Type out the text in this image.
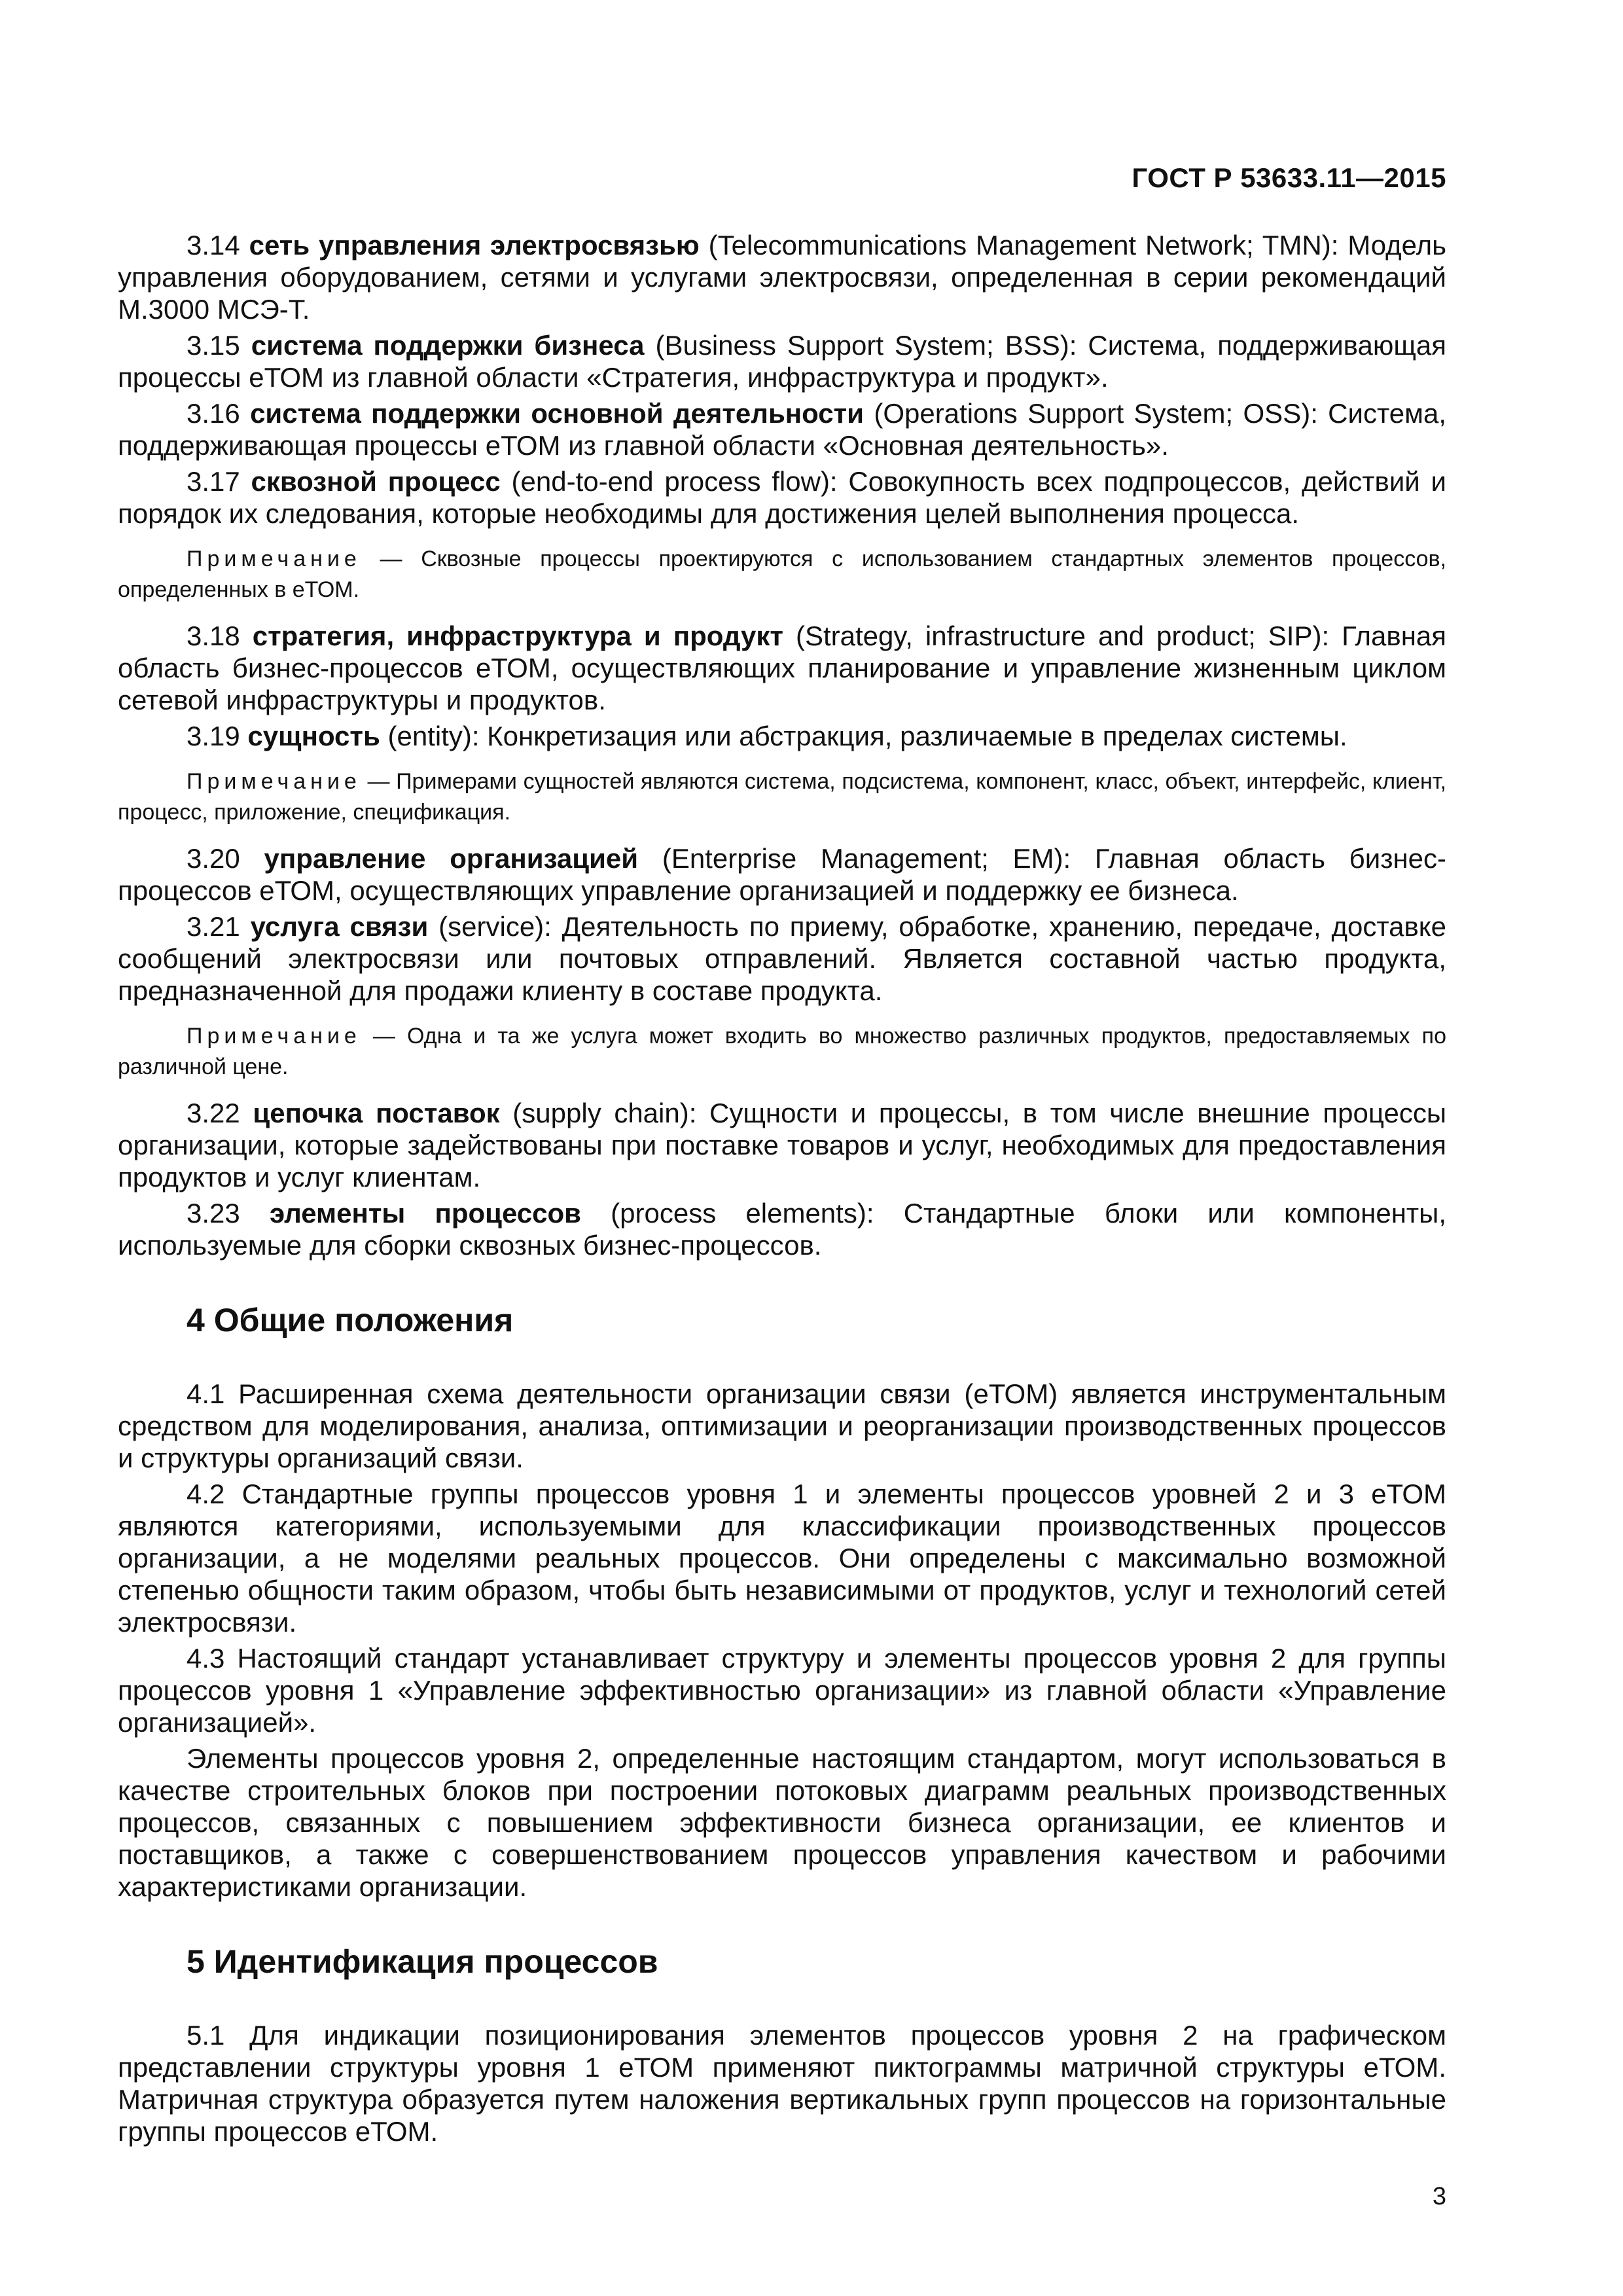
ГОСТ Р 53633.11—2015

3.14 сеть управления электросвязью (Telecommunications Management Network; TMN): Модель управления оборудованием, сетями и услугами электросвязи, определенная в серии рекомендаций М.3000 МСЭ-Т.

3.15 система поддержки бизнеса (Business Support System; BSS): Система, поддерживающая процессы еТОМ из главной области «Стратегия, инфраструктура и продукт».

3.16 система поддержки основной деятельности (Operations Support System; OSS): Система, поддерживающая процессы еТОМ из главной области «Основная деятельность».

3.17 сквозной процесс (end-to-end process flow): Совокупность всех подпроцессов, действий и порядок их следования, которые необходимы для достижения целей выполнения процесса.

Примечание — Сквозные процессы проектируются с использованием стандартных элементов процессов, определенных в еТОМ.

3.18 стратегия, инфраструктура и продукт (Strategy, infrastructure and product; SIP): Главная область бизнес-процессов еТОМ, осуществляющих планирование и управление жизненным циклом сетевой инфраструктуры и продуктов.

3.19 сущность (entity): Конкретизация или абстракция, различаемые в пределах системы.

Примечание — Примерами сущностей являются система, подсистема, компонент, класс, объект, интерфейс, клиент, процесс, приложение, спецификация.

3.20 управление организацией (Enterprise Management; EM): Главная область бизнес-процессов еТОМ, осуществляющих управление организацией и поддержку ее бизнеса.

3.21 услуга связи (service): Деятельность по приему, обработке, хранению, передаче, доставке сообщений электросвязи или почтовых отправлений. Является составной частью продукта, предназначенной для продажи клиенту в составе продукта.

Примечание — Одна и та же услуга может входить во множество различных продуктов, предоставляемых по различной цене.

3.22 цепочка поставок (supply chain): Сущности и процессы, в том числе внешние процессы организации, которые задействованы при поставке товаров и услуг, необходимых для предоставления продуктов и услуг клиентам.

3.23 элементы процессов (process elements): Стандартные блоки или компоненты, используемые для сборки сквозных бизнес-процессов.

4 Общие положения

4.1 Расширенная схема деятельности организации связи (еТОМ) является инструментальным средством для моделирования, анализа, оптимизации и реорганизации производственных процессов и структуры организаций связи.

4.2 Стандартные группы процессов уровня 1 и элементы процессов уровней 2 и 3 еТОМ являются категориями, используемыми для классификации производственных процессов организации, а не моделями реальных процессов. Они определены с максимально возможной степенью общности таким образом, чтобы быть независимыми от продуктов, услуг и технологий сетей электросвязи.

4.3 Настоящий стандарт устанавливает структуру и элементы процессов уровня 2 для группы процессов уровня 1 «Управление эффективностью организации» из главной области «Управление организацией».

Элементы процессов уровня 2, определенные настоящим стандартом, могут использоваться в качестве строительных блоков при построении потоковых диаграмм реальных производственных процессов, связанных с повышением эффективности бизнеса организации, ее клиентов и поставщиков, а также с совершенствованием процессов управления качеством и рабочими характеристиками организации.

5 Идентификация процессов

5.1 Для индикации позиционирования элементов процессов уровня 2 на графическом представлении структуры уровня 1 еТОМ применяют пиктограммы матричной структуры еТОМ. Матричная структура образуется путем наложения вертикальных групп процессов на горизонтальные группы процессов еТОМ.

3
